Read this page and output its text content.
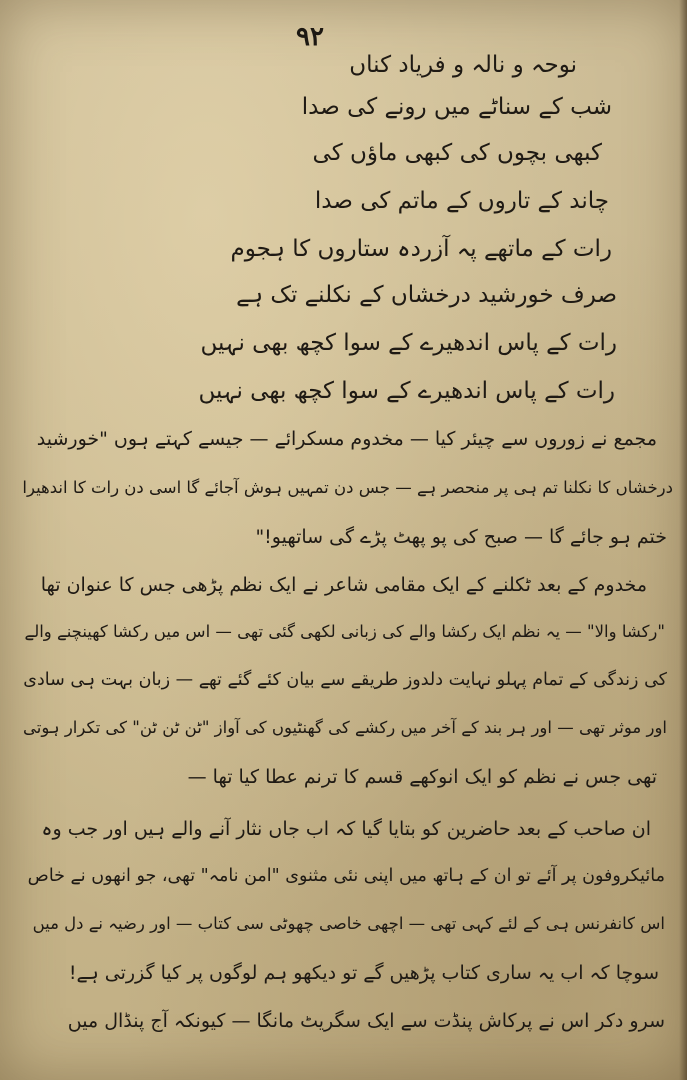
۹۲
نوحہ و نالہ و فریاد کناں
شب کے سناٹے میں رونے کی صدا
کبھی بچوں کی کبھی ماؤں کی
چاند کے تاروں کے ماتم کی صدا
رات کے ماتھے پہ آزردہ ستاروں کا ہجوم
صرف خورشید درخشاں کے نکلنے تک ہے
رات کے پاس اندھیرے کے سوا کچھ بھی نہیں
رات کے پاس اندھیرے کے سوا کچھ بھی نہیں
مجمع نے زوروں سے چیئر کیا — مخدوم مسکرائے — جیسے کہتے ہوں "خورشید
درخشاں کا نکلنا تم ہی پر منحصر ہے — جس دن تمہیں ہوش آجائے گا اسی دن رات کا اندھیرا
ختم ہو جائے گا — صبح کی پو پھٹ پڑے گی ساتھیو!"
مخدوم کے بعد ٹکلنے کے ایک مقامی شاعر نے ایک نظم پڑھی جس کا عنوان تھا
"رکشا والا" — یہ نظم ایک رکشا والے کی زبانی لکھی گئی تھی — اس میں رکشا کھینچنے والے
کی زندگی کے تمام پہلو نہایت دلدوز طریقے سے بیان کئے گئے تھے — زبان بہت ہی سادی
اور موثر تھی — اور ہر بند کے آخر میں رکشے کی گھنٹیوں کی آواز "ٹن ٹن ٹن" کی تکرار ہوتی
تھی جس نے نظم کو ایک انوکھے قسم کا ترنم عطا کیا تھا —
ان صاحب کے بعد حاضرین کو بتایا گیا کہ اب جاں نثار آنے والے ہیں اور جب وہ
مائیکروفون پر آئے تو ان کے ہاتھ میں اپنی نئی مثنوی "امن نامہ" تھی، جو انھوں نے خاص
اس کانفرنس ہی کے لئے کہی تھی — اچھی خاصی چھوٹی سی کتاب — اور رضیہ نے دل میں
سوچا کہ اب یہ ساری کتاب پڑھیں گے تو دیکھو ہم لوگوں پر کیا گزرتی ہے!
سرو دکر اس نے پرکاش پنڈت سے ایک سگریٹ مانگا — کیونکہ آج پنڈال میں
